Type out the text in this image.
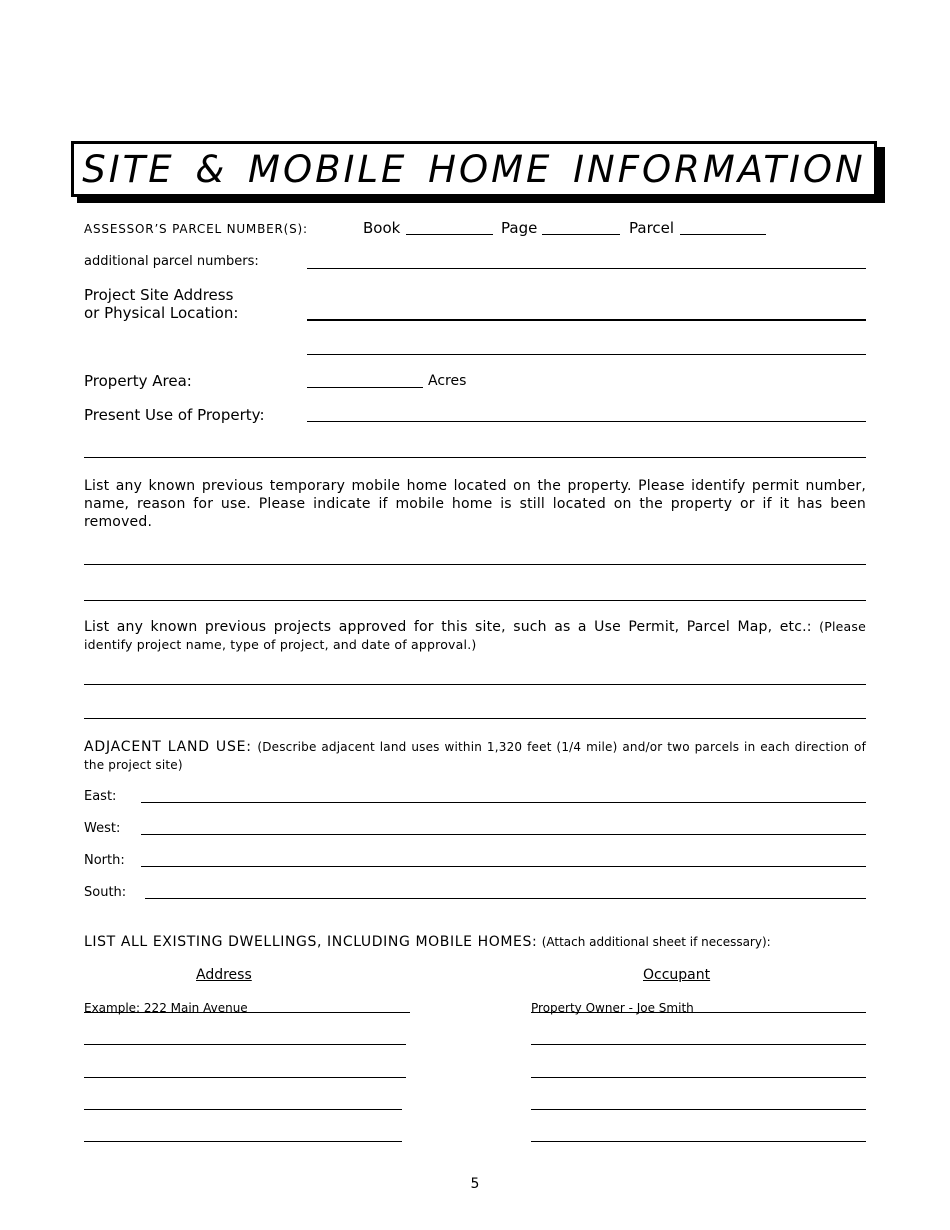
SITE & MOBILE HOME INFORMATION
ASSESSOR’S PARCEL NUMBER(S):	Book	Page	Parcel
additional parcel numbers:
Project Site Address
or Physical Location:
Property Area:	Acres
Present Use of Property:
List any known previous temporary mobile home located on the property. Please identify permit number, name, reason for use. Please indicate if mobile home is still located on the property or if it has been removed.
List any known previous projects approved for this site, such as a Use Permit, Parcel Map, etc.: (Please identify project name, type of project, and date of approval.)
ADJACENT LAND USE: (Describe adjacent land uses within 1,320 feet (1/4 mile) and/or two parcels in each direction of the project site)
East:
West:
North:
South:
LIST ALL EXISTING DWELLINGS, INCLUDING MOBILE HOMES: (Attach additional sheet if necessary):
Address	Occupant
Example: 222 Main Avenue	Property Owner - Joe Smith
5
